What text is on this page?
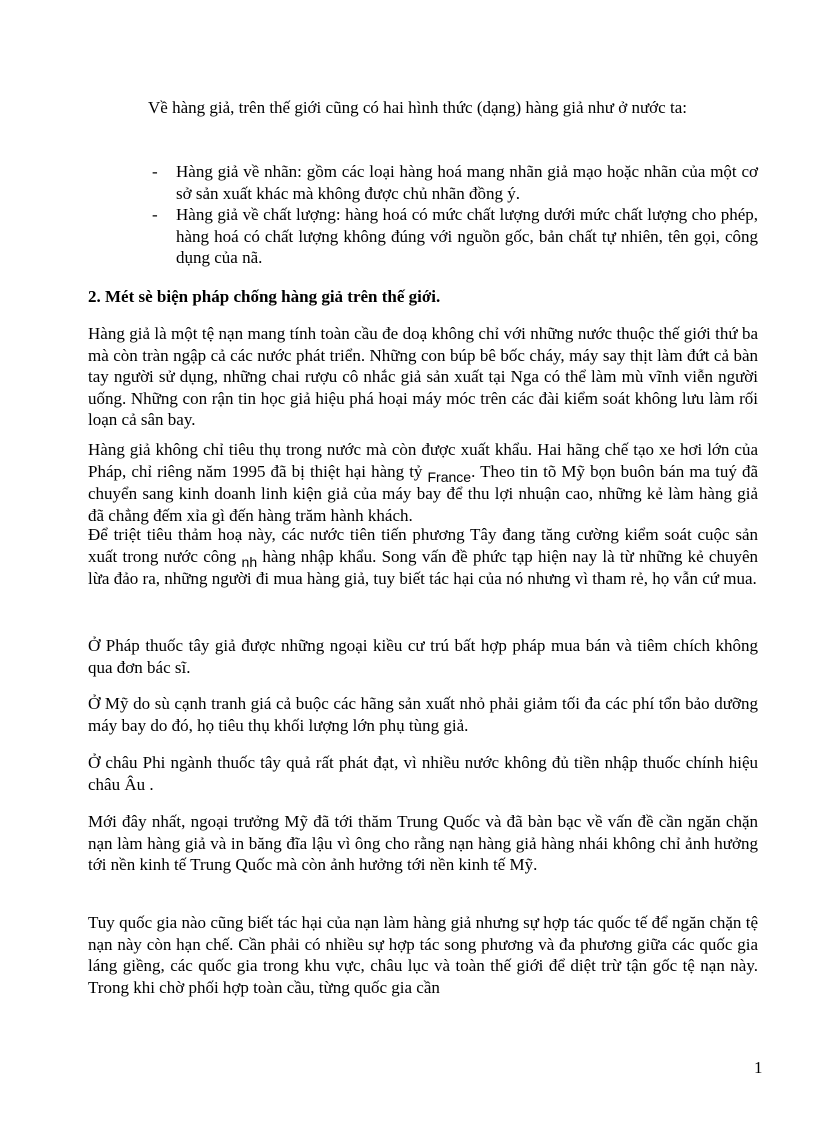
Về hàng giả, trên thế giới cũng có hai hình thức (dạng) hàng giả như ở nước ta:

- Hàng giả về nhãn: gồm các loại hàng hoá mang nhãn giả mạo hoặc nhãn của một cơ sở sản xuất khác mà không được chủ nhãn đồng ý.

- Hàng giả về chất lượng: hàng hoá có mức chất lượng dưới mức chất lượng cho phép, hàng hoá có chất lượng không đúng với nguồn gốc, bản chất tự nhiên, tên gọi, công dụng của nã.

2. Mét sè biện pháp chống hàng giả trên thế giới.

Hàng giả là một tệ nạn mang tính toàn cầu đe doạ không chỉ với những nước thuộc thế giới thứ ba mà còn tràn ngập cả các nước phát triển. Những con búp bê bốc cháy, máy say thịt làm đứt cả bàn tay người sử dụng, những chai rượu cô nhắc giả sản xuất tại Nga có thể làm mù vĩnh viễn người uống. Những con rận tin học giả hiệu phá hoại máy móc trên các đài kiểm soát không lưu làm rối loạn cả sân bay.

Hàng giả không chỉ tiêu thụ trong nước mà còn được xuất khẩu. Hai hãng chế tạo xe hơi lớn của Pháp, chỉ riêng năm 1995 đã bị thiệt hại hàng tỷ $_{France}$. Theo tin tõ Mỹ bọn buôn bán ma tuý đã chuyển sang kinh doanh linh kiện giả của máy bay để thu lợi nhuận cao, những kẻ làm hàng giả đã chẳng đếm xỉa gì đến hàng trăm hành khách.

Để triệt tiêu thảm hoạ này, các nước tiên tiến phương Tây đang tăng cường kiểm soát cuộc sản xuất trong nước công $_{nh}$ hàng nhập khẩu. Song vấn đề phức tạp hiện nay là từ những kẻ chuyên lừa đảo ra, những người đi mua hàng giả, tuy biết tác hại của nó nhưng vì tham rẻ, họ vẫn cứ mua.

Ở Pháp thuốc tây giả được những ngoại kiều cư trú bất hợp pháp mua bán và tiêm chích không qua đơn bác sĩ.

Ở Mỹ do sù cạnh tranh giá cả buộc các hãng sản xuất nhỏ phải giảm tối đa các phí tổn bảo dưỡng máy bay do đó, họ tiêu thụ khối lượng lớn phụ tùng giả.

Ở châu Phi ngành thuốc tây quả rất phát đạt, vì nhiều nước không đủ tiền nhập thuốc chính hiệu châu Âu .

Mới đây nhất, ngoại trưởng Mỹ đã tới thăm Trung Quốc và đã bàn bạc về vấn đề cần ngăn chặn nạn làm hàng giả và in băng đĩa lậu vì ông cho rằng nạn hàng giả hàng nhái không chỉ ảnh hưởng tới nền kinh tế Trung Quốc mà còn ảnh hưởng tới nền kinh tế Mỹ.

Tuy quốc gia nào cũng biết tác hại của nạn làm hàng giả nhưng sự hợp tác quốc tế để ngăn chặn tệ nạn này còn hạn chế. Cần phải có nhiều sự hợp tác song phương và đa phương giữa các quốc gia láng giềng, các quốc gia trong khu vực, châu lục và toàn thế giới để diệt trừ tận gốc tệ nạn này. Trong khi chờ phối hợp toàn cầu, từng quốc gia cần

1
